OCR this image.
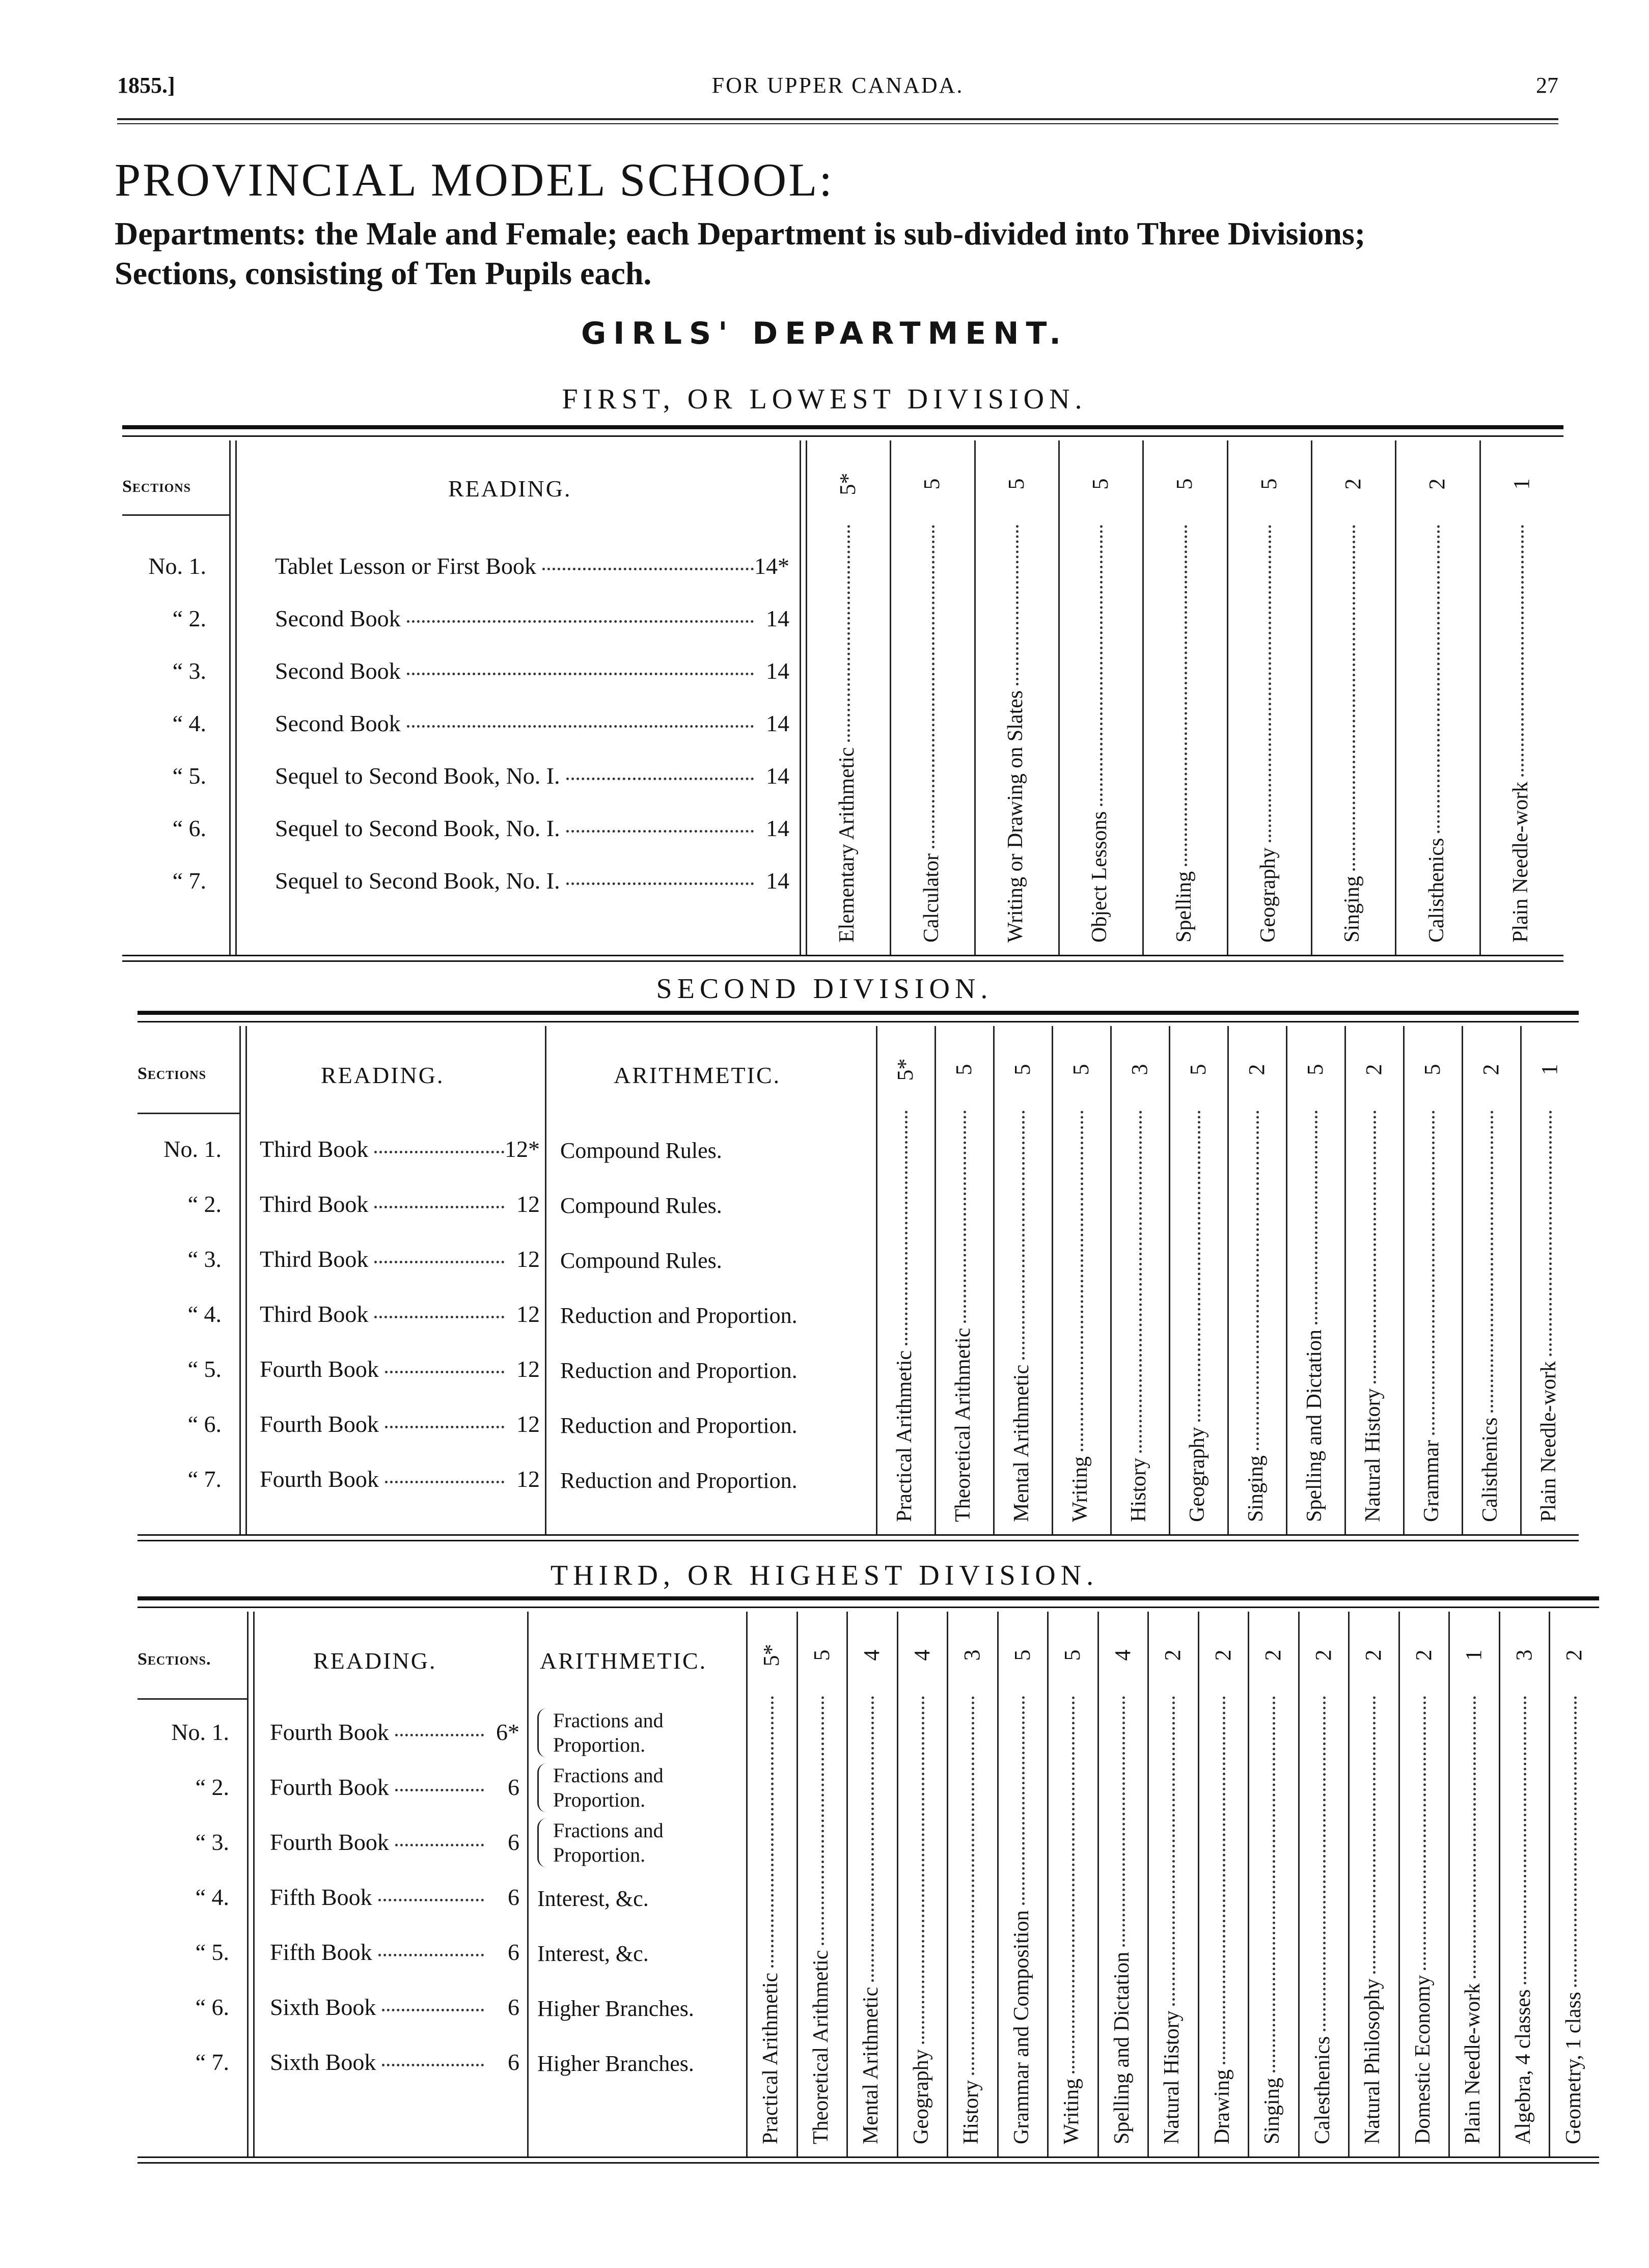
1855.]	FOR UPPER CANADA.	27
PROVINCIAL MODEL SCHOOL:
Departments: the Male and Female; each Department is sub-divided into Three Divisions;
Sections, consisting of Ten Pupils each.
GIRLS' DEPARTMENT.
FIRST, OR LOWEST DIVISION.
Sections	READING.
No. 1.	Tablet Lesson or First Book	14*
“ 2.	Second Book	14
“ 3.	Second Book	14
“ 4.	Second Book	14
“ 5.	Sequel to Second Book, No. I.	14
“ 6.	Sequel to Second Book, No. I.	14
“ 7.	Sequel to Second Book, No. I.	14
5*
Elementary Arithmetic
5
Calculator
5
Writing or Drawing on Slates
5
Object Lessons
5
Spelling
5
Geography
2
Singing
2
Calisthenics
1
Plain Needle-work
SECOND DIVISION.
Sections	READING.	ARITHMETIC.
No. 1. Third Book	12* Compound Rules.
“ 2. Third Book	12 Compound Rules.
“ 3. Third Book	12 Compound Rules.
“ 4. Third Book	12 Reduction and Proportion.
“ 5. Fourth Book	12 Reduction and Proportion.
“ 6. Fourth Book	12 Reduction and Proportion.
“ 7. Fourth Book	12 Reduction and Proportion.
5*
Practical Arithmetic
5
Theoretical Arithmetic
5
Mental Arithmetic
5
Writing
3
History
5
Geography
2
Singing
5
Spelling and Dictation
2
Natural History
5
Grammar
2
Calisthenics
1
Plain Needle-work
THIRD, OR HIGHEST DIVISION.
Sections.	READING.	ARITHMETIC.
No. 1. Fourth Book	6*	Fractions and Proportion.
“ 2. Fourth Book	6	Fractions and Proportion.
“ 3. Fourth Book	6	Fractions and Proportion.
“ 4. Fifth Book	6 Interest, &c.
“ 5. Fifth Book	6 Interest, &c.
“ 6. Sixth Book	6 Higher Branches.
“ 7. Sixth Book	6 Higher Branches.
5*
Practical Arithmetic
5
Theoretical Arithmetic
4
Mental Arithmetic
4
Geography
3
History
5
Grammar and Composition
5
Writing
4
Spelling and Dictation
2
Natural History
2
Drawing
2
Singing
2
Calesthenics
2
Natural Philosophy
2
Domestic Economy
1
Plain Needle-work
3
Algebra, 4 classes
2
Geometry, 1 class
